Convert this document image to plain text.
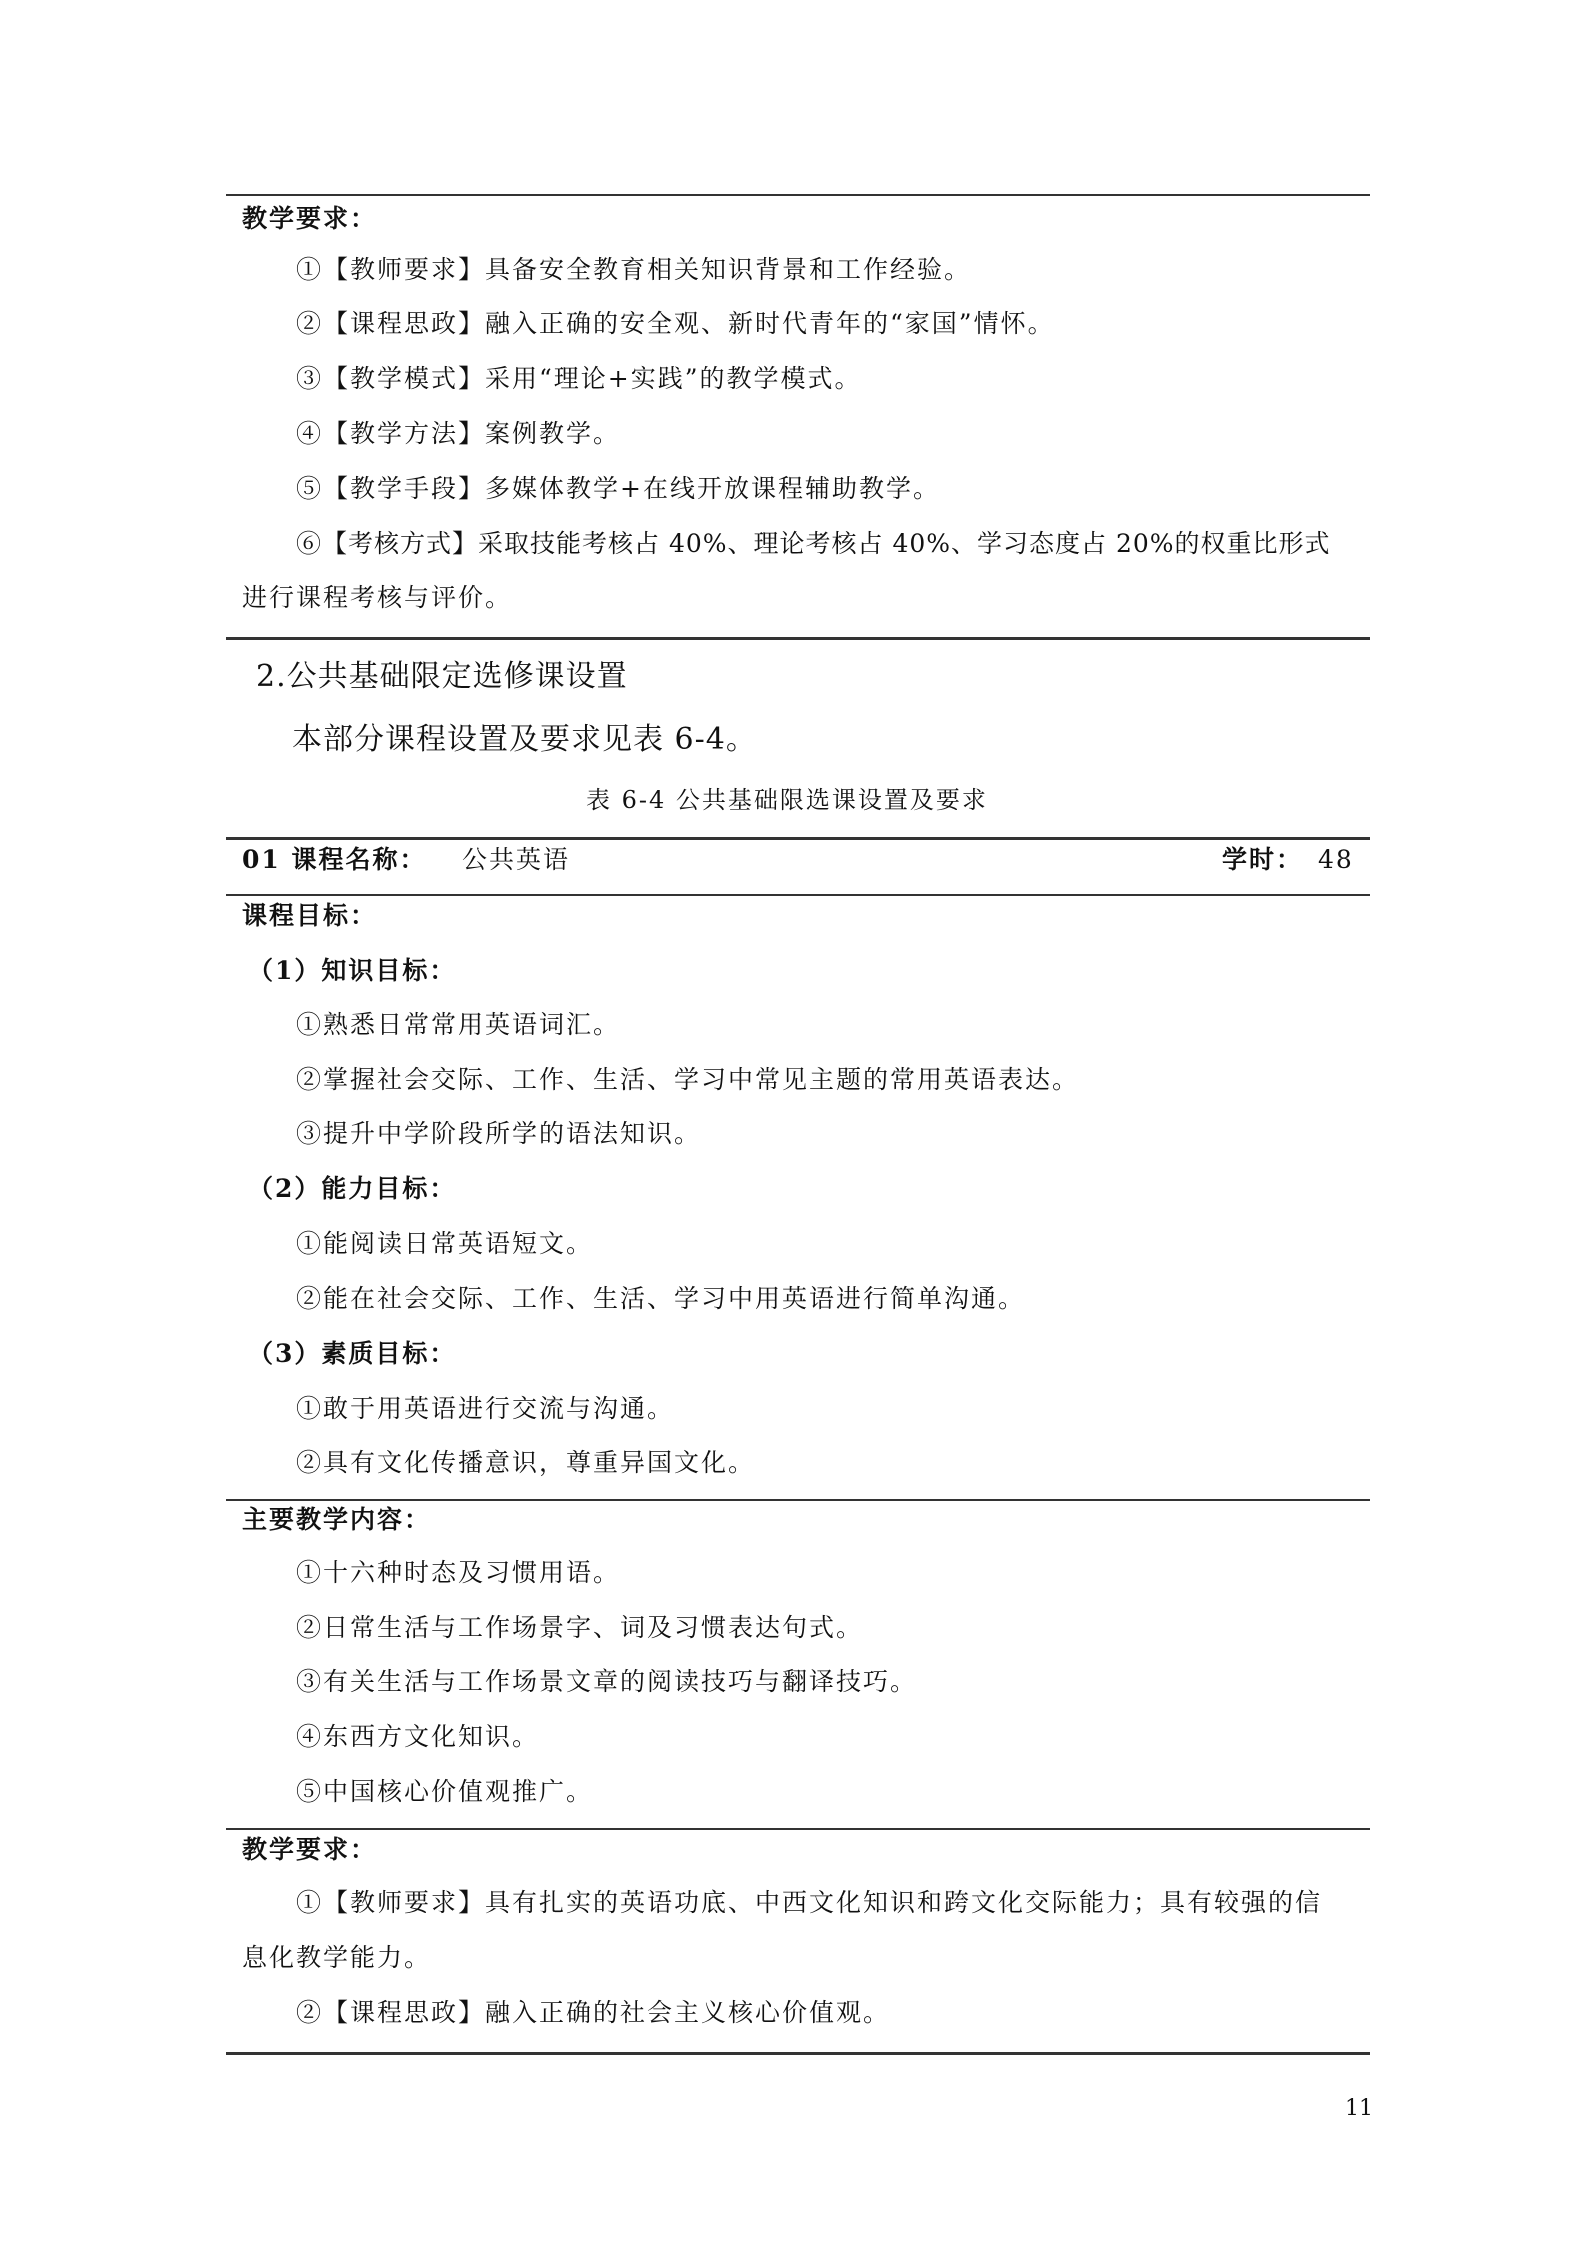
教学要求：
①【教师要求】具备安全教育相关知识背景和工作经验。
②【课程思政】融入正确的安全观、新时代青年的“家国”情怀。
③【教学模式】采用“理论+实践”的教学模式。
④【教学方法】案例教学。
⑤【教学手段】多媒体教学+在线开放课程辅助教学。
⑥【考核方式】采取技能考核占 40%、理论考核占 40%、学习态度占 20%的权重比形式
进行课程考核与评价。
2.公共基础限定选修课设置
本部分课程设置及要求见表 6-4。
表 6-4 公共基础限选课设置及要求
01 课程名称： 公共英语	学时： 48
课程目标：
（1）知识目标：
①熟悉日常常用英语词汇。
②掌握社会交际、工作、生活、学习中常见主题的常用英语表达。
③提升中学阶段所学的语法知识。
（2）能力目标：
①能阅读日常英语短文。
②能在社会交际、工作、生活、学习中用英语进行简单沟通。
（3）素质目标：
①敢于用英语进行交流与沟通。
②具有文化传播意识，尊重异国文化。
主要教学内容：
①十六种时态及习惯用语。
②日常生活与工作场景字、词及习惯表达句式。
③有关生活与工作场景文章的阅读技巧与翻译技巧。
④东西方文化知识。
⑤中国核心价值观推广。
教学要求：
①【教师要求】具有扎实的英语功底、中西文化知识和跨文化交际能力；具有较强的信
息化教学能力。
②【课程思政】融入正确的社会主义核心价值观。
11
